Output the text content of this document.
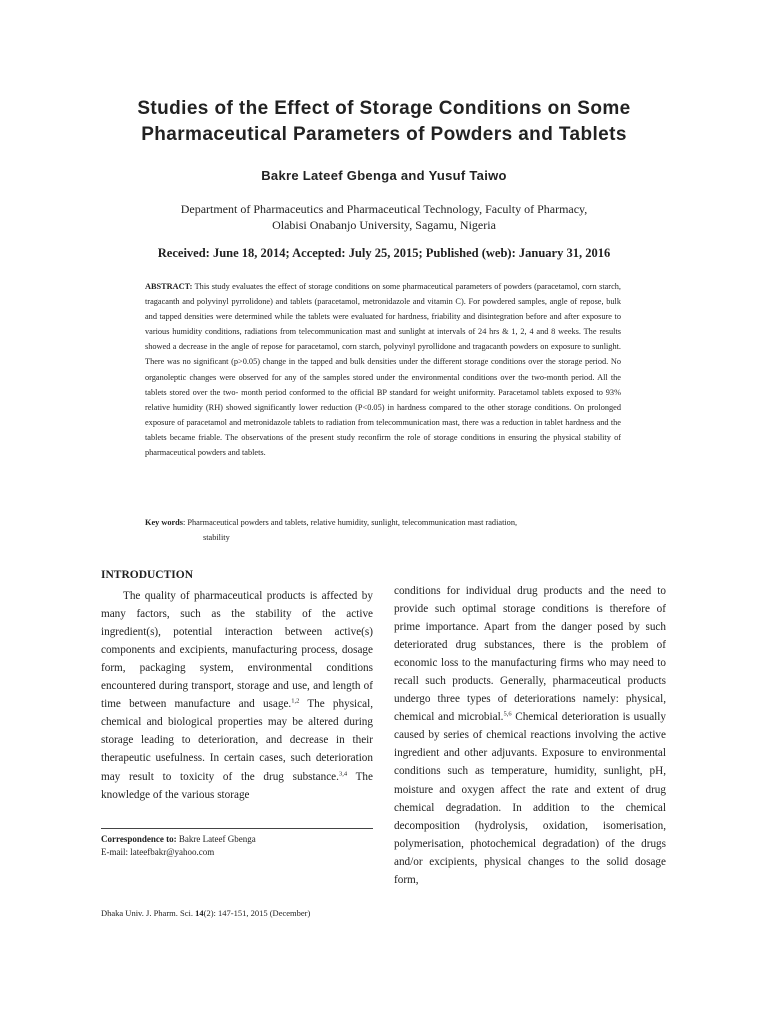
Studies of the Effect of Storage Conditions on Some
Pharmaceutical Parameters of Powders and Tablets
Bakre Lateef Gbenga and Yusuf Taiwo
Department of Pharmaceutics and Pharmaceutical Technology, Faculty of Pharmacy,
Olabisi Onabanjo University, Sagamu, Nigeria
Received: June 18, 2014; Accepted: July 25, 2015; Published (web): January 31, 2016
ABSTRACT: This study evaluates the effect of storage conditions on some pharmaceutical parameters of powders (paracetamol, corn starch, tragacanth and polyvinyl pyrrolidone) and tablets (paracetamol, metronidazole and vitamin C). For powdered samples, angle of repose, bulk and tapped densities were determined while the tablets were evaluated for hardness, friability and disintegration before and after exposure to various humidity conditions, radiations from telecommunication mast and sunlight at intervals of 24 hrs & 1, 2, 4 and 8 weeks. The results showed a decrease in the angle of repose for paracetamol, corn starch, polyvinyl pyrollidone and tragacanth powders on exposure to sunlight. There was no significant (p>0.05) change in the tapped and bulk densities under the different storage conditions over the storage period. No organoleptic changes were observed for any of the samples stored under the environmental conditions over the two-month period. All the tablets stored over the two- month period conformed to the official BP standard for weight uniformity. Paracetamol tablets exposed to 93% relative humidity (RH) showed significantly lower reduction (P<0.05) in hardness compared to the other storage conditions. On prolonged exposure of paracetamol and metronidazole tablets to radiation from telecommunication mast, there was a reduction in tablet hardness and the tablets became friable. The observations of the present study reconfirm the role of storage conditions in ensuring the physical stability of pharmaceutical powders and tablets.
Key words: Pharmaceutical powders and tablets, relative humidity, sunlight, telecommunication mast radiation,
stability
INTRODUCTION
The quality of pharmaceutical products is affected by many factors, such as the stability of the active ingredient(s), potential interaction between active(s) components and excipients, manufacturing process, dosage form, packaging system, environmental conditions encountered during transport, storage and use, and length of time between manufacture and usage.$^{1,2}$ The physical, chemical and biological properties may be altered during storage leading to deterioration, and decrease in their therapeutic usefulness. In certain cases, such deterioration may result to toxicity of the drug substance.$^{3,4}$ The knowledge of the various storage
Correspondence to: Bakre Lateef Gbenga
E-mail: lateefbakr@yahoo.com
Dhaka Univ. J. Pharm. Sci. 14(2): 147-151, 2015 (December)
conditions for individual drug products and the need to provide such optimal storage conditions is therefore of prime importance. Apart from the danger posed by such deteriorated drug substances, there is the problem of economic loss to the manufacturing firms who may need to recall such products. Generally, pharmaceutical products undergo three types of deteriorations namely: physical, chemical and microbial.$^{5,6}$ Chemical deterioration is usually caused by series of chemical reactions involving the active ingredient and other adjuvants. Exposure to environmental conditions such as temperature, humidity, sunlight, pH, moisture and oxygen affect the rate and extent of drug chemical degradation. In addition to the chemical decomposition (hydrolysis, oxidation, isomerisation, polymerisation, photochemical degradation) of the drugs and/or excipients, physical changes to the solid dosage form,
